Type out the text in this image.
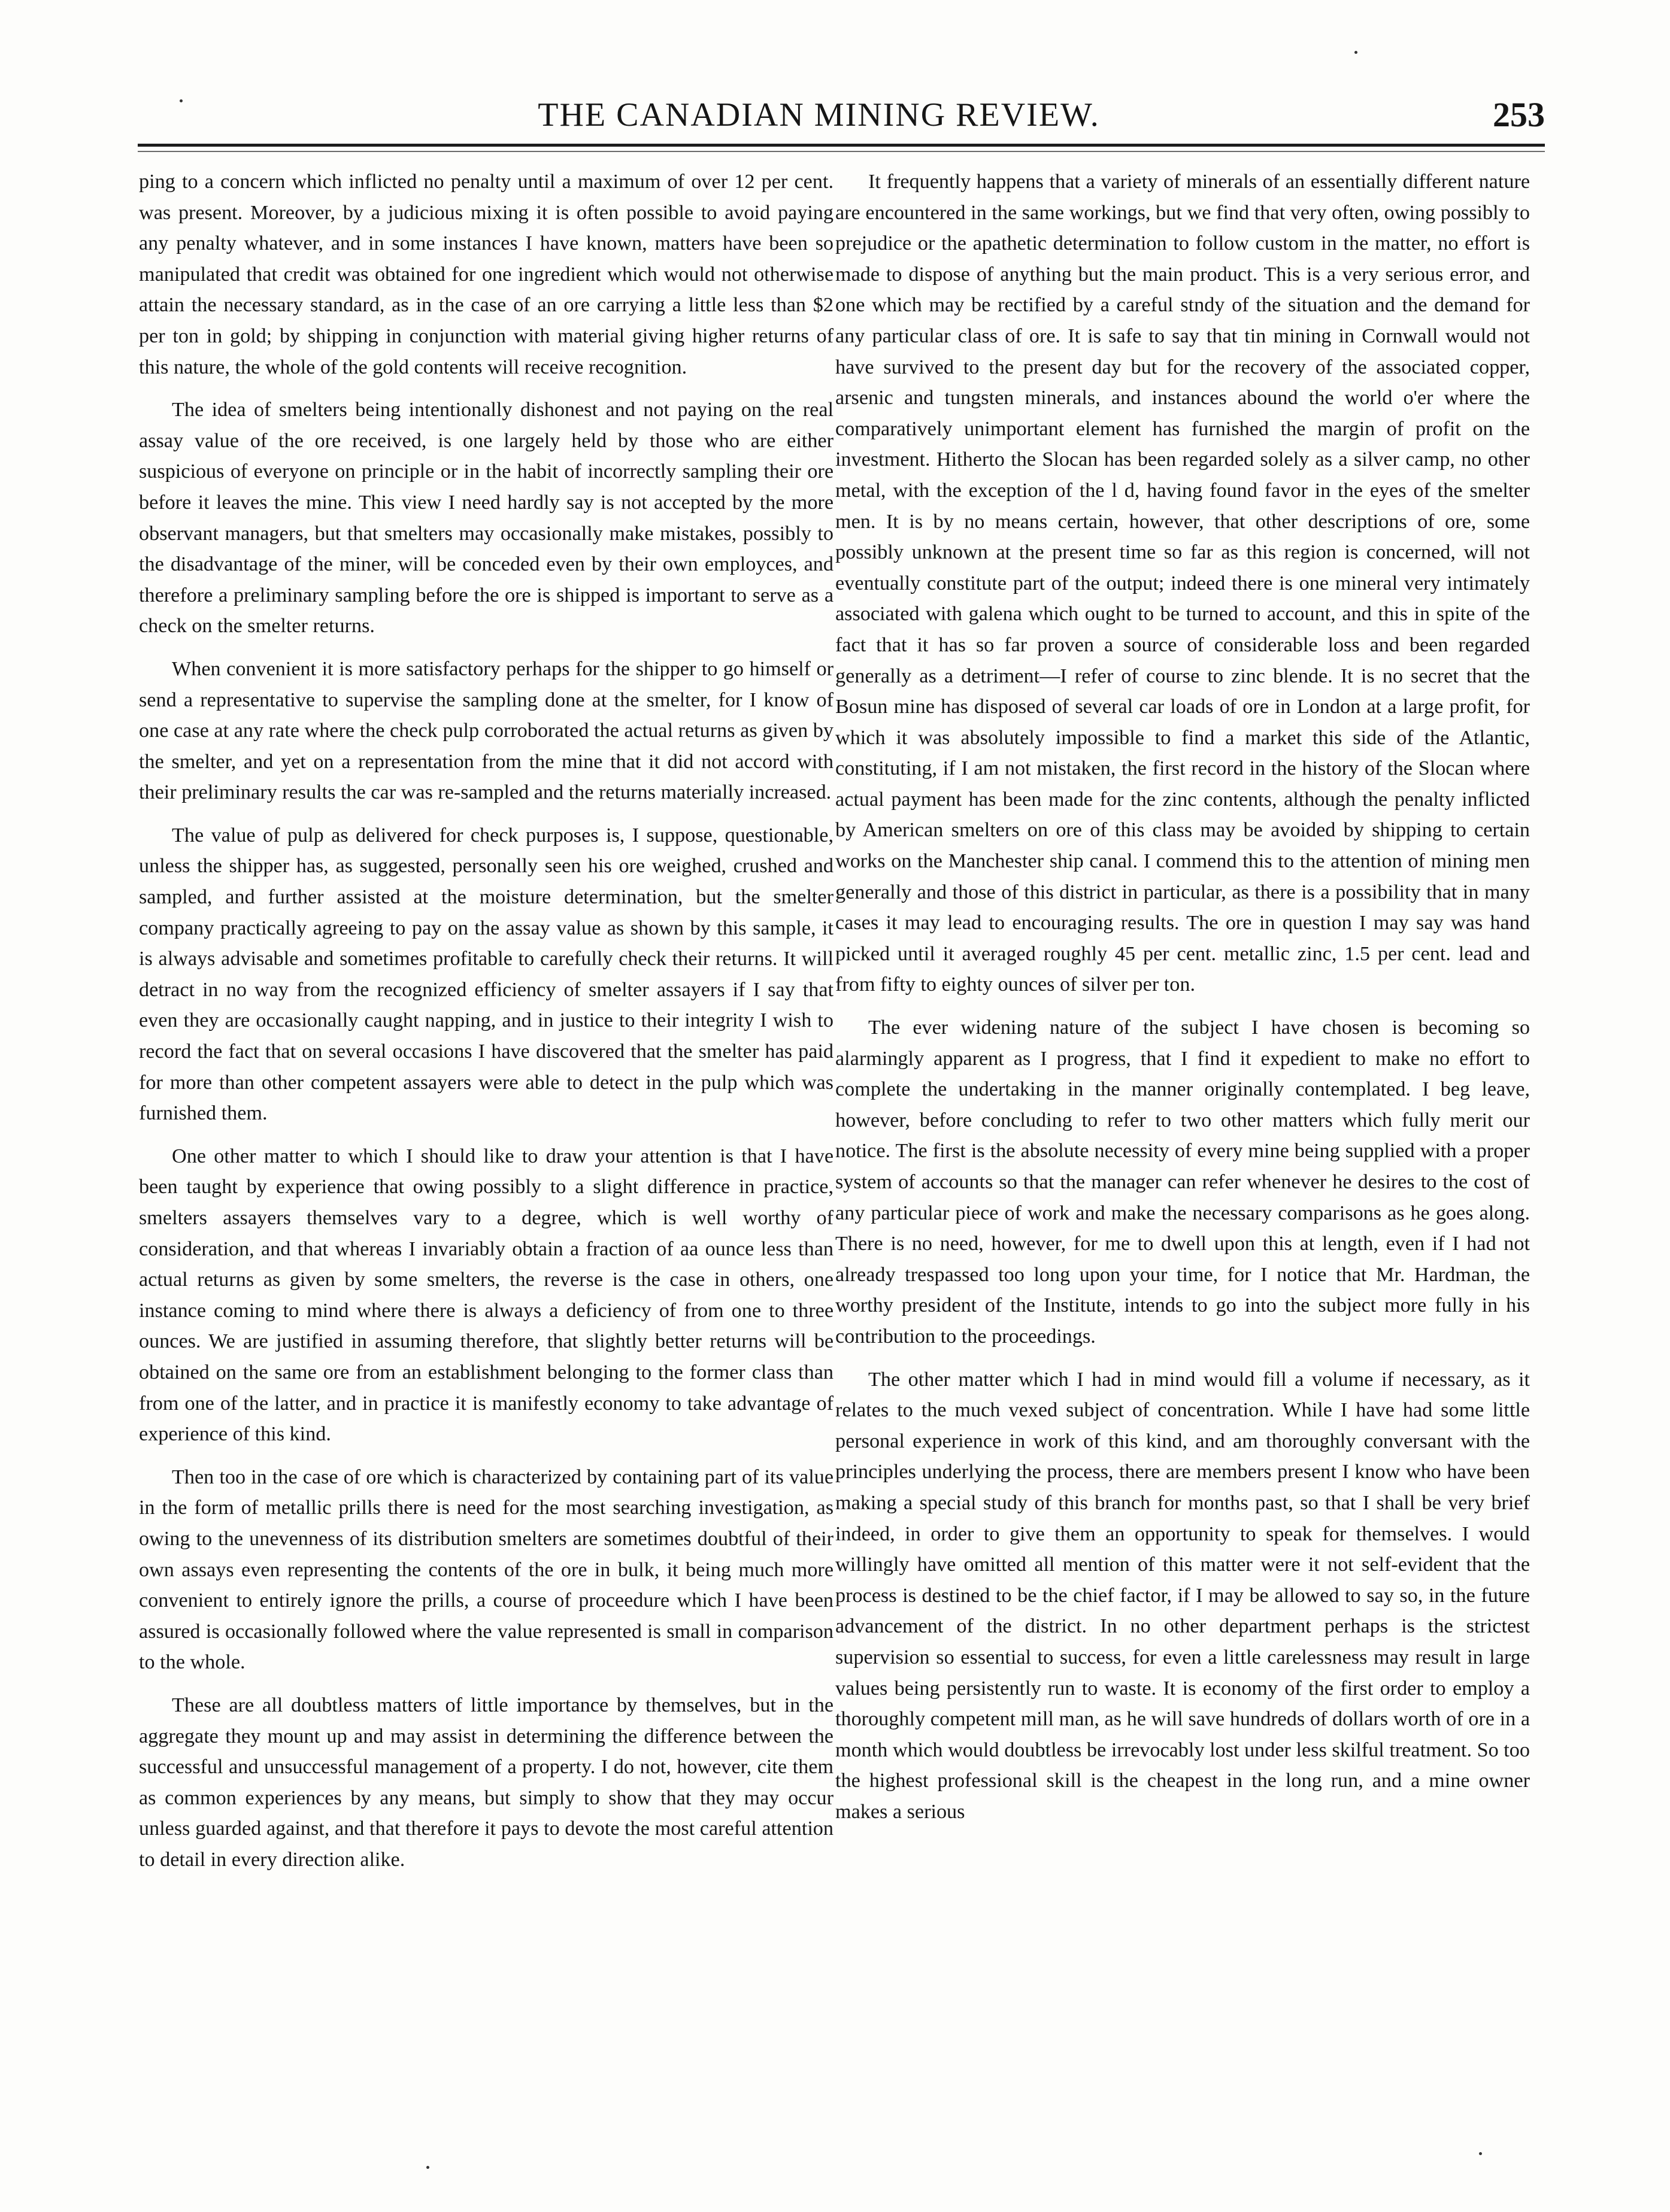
THE CANADIAN MINING REVIEW.	253

ping to a concern which inflicted no penalty until a maximum of over 12 per cent. was present. Moreover, by a judicious mixing it is often possible to avoid paying any penalty whatever, and in some instances I have known, matters have been so manipulated that credit was obtained for one ingredient which would not otherwise attain the necessary standard, as in the case of an ore carrying a little less than $2 per ton in gold; by shipping in conjunction with material giving higher returns of this nature, the whole of the gold contents will receive recognition.

The idea of smelters being intentionally dishonest and not paying on the real assay value of the ore received, is one largely held by those who are either suspicious of everyone on principle or in the habit of incorrectly sampling their ore before it leaves the mine. This view I need hardly say is not accepted by the more observant managers, but that smelters may occasionally make mistakes, possibly to the disadvantage of the miner, will be conceded even by their own employces, and therefore a preliminary sampling before the ore is shipped is important to serve as a check on the smelter returns.

When convenient it is more satisfactory perhaps for the shipper to go himself or send a representative to supervise the sampling done at the smelter, for I know of one case at any rate where the check pulp corroborated the actual returns as given by the smelter, and yet on a representation from the mine that it did not accord with their preliminary results the car was re-sampled and the returns materially increased.

The value of pulp as delivered for check purposes is, I suppose, questionable, unless the shipper has, as suggested, personally seen his ore weighed, crushed and sampled, and further assisted at the moisture determination, but the smelter company practically agreeing to pay on the assay value as shown by this sample, it is always advisable and sometimes profitable to carefully check their returns. It will detract in no way from the recognized efficiency of smelter assayers if I say that even they are occasionally caught napping, and in justice to their integrity I wish to record the fact that on several occasions I have discovered that the smelter has paid for more than other competent assayers were able to detect in the pulp which was furnished them.

One other matter to which I should like to draw your attention is that I have been taught by experience that owing possibly to a slight difference in practice, smelters assayers themselves vary to a degree, which is well worthy of consideration, and that whereas I invariably obtain a fraction of aa ounce less than actual returns as given by some smelters, the reverse is the case in others, one instance coming to mind where there is always a deficiency of from one to three ounces. We are justified in assuming therefore, that slightly better returns will be obtained on the same ore from an establishment belonging to the former class than from one of the latter, and in practice it is manifestly economy to take advantage of experience of this kind.

Then too in the case of ore which is characterized by containing part of its value in the form of metallic prills there is need for the most searching investigation, as owing to the unevenness of its distribution smelters are sometimes doubtful of their own assays even representing the contents of the ore in bulk, it being much more convenient to entirely ignore the prills, a course of proceedure which I have been assured is occasionally followed where the value represented is small in comparison to the whole.

These are all doubtless matters of little importance by themselves, but in the aggregate they mount up and may assist in determining the difference between the successful and unsuccessful management of a property. I do not, however, cite them as common experiences by any means, but simply to show that they may occur unless guarded against, and that therefore it pays to devote the most careful attention to detail in every direction alike.

It frequently happens that a variety of minerals of an essentially different nature are encountered in the same workings, but we find that very often, owing possibly to prejudice or the apathetic determination to follow custom in the matter, no effort is made to dispose of anything but the main product. This is a very serious error, and one which may be rectified by a careful stndy of the situation and the demand for any particular class of ore. It is safe to say that tin mining in Cornwall would not have survived to the present day but for the recovery of the associated copper, arsenic and tungsten minerals, and instances abound the world o'er where the comparatively unimportant element has furnished the margin of profit on the investment. Hitherto the Slocan has been regarded solely as a silver camp, no other metal, with the exception of the l d, having found favor in the eyes of the smelter men. It is by no means certain, however, that other descriptions of ore, some possibly unknown at the present time so far as this region is concerned, will not eventually constitute part of the output; indeed there is one mineral very intimately associated with galena which ought to be turned to account, and this in spite of the fact that it has so far proven a source of considerable loss and been regarded generally as a detriment—I refer of course to zinc blende. It is no secret that the Bosun mine has disposed of several car loads of ore in London at a large profit, for which it was absolutely impossible to find a market this side of the Atlantic, constituting, if I am not mistaken, the first record in the history of the Slocan where actual payment has been made for the zinc contents, although the penalty inflicted by American smelters on ore of this class may be avoided by shipping to certain works on the Manchester ship canal. I commend this to the attention of mining men generally and those of this district in particular, as there is a possibility that in many cases it may lead to encouraging results. The ore in question I may say was hand picked until it averaged roughly 45 per cent. metallic zinc, 1.5 per cent. lead and from fifty to eighty ounces of silver per ton.

The ever widening nature of the subject I have chosen is becoming so alarmingly apparent as I progress, that I find it expedient to make no effort to complete the undertaking in the manner originally contemplated. I beg leave, however, before concluding to refer to two other matters which fully merit our notice. The first is the absolute necessity of every mine being supplied with a proper system of accounts so that the manager can refer whenever he desires to the cost of any particular piece of work and make the necessary comparisons as he goes along. There is no need, however, for me to dwell upon this at length, even if I had not already trespassed too long upon your time, for I notice that Mr. Hardman, the worthy president of the Institute, intends to go into the subject more fully in his contribution to the proceedings.

The other matter which I had in mind would fill a volume if necessary, as it relates to the much vexed subject of concentration. While I have had some little personal experience in work of this kind, and am thoroughly conversant with the principles underlying the process, there are members present I know who have been making a special study of this branch for months past, so that I shall be very brief indeed, in order to give them an opportunity to speak for themselves. I would willingly have omitted all mention of this matter were it not self-evident that the process is destined to be the chief factor, if I may be allowed to say so, in the future advancement of the district. In no other department perhaps is the strictest supervision so essential to success, for even a little carelessness may result in large values being persistently run to waste. It is economy of the first order to employ a thoroughly competent mill man, as he will save hundreds of dollars worth of ore in a month which would doubtless be irrevocably lost under less skilful treatment. So too the highest professional skill is the cheapest in the long run, and a mine owner makes a serious
